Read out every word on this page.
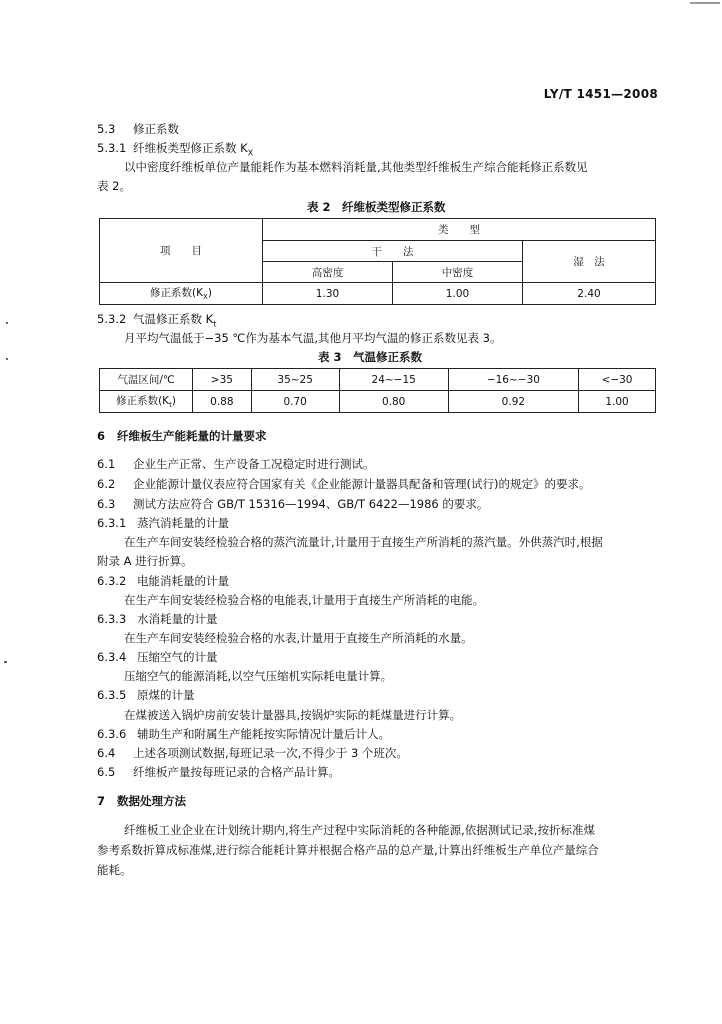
LY/T 1451—2008
5.3 修正系数
5.3.1 纤维板类型修正系数 $K_X$
以中密度纤维板单位产量能耗作为基本燃料消耗量,其他类型纤维板生产综合能耗修正系数见
表 2。
表 2　纤维板类型修正系数
项　　目	类　　型		
	干　　法		湿　法
	高密度	中密度	
修正系数$(K_X)$	1.30	1.00	2.40
5.3.2 气温修正系数 $K_t$
月平均气温低于−35 ℃作为基本气温,其他月平均气温的修正系数见表 3。
表 3　气温修正系数
气温区间/℃	>35	35~25	24~−15	−16~−30	<−30
修正系数$(K_t)$	0.88	0.70	0.80	0.92	1.00
6 纤维板生产能耗量的计量要求
6.1 企业生产正常、生产设备工况稳定时进行测试。
6.2 企业能源计量仪表应符合国家有关《企业能源计量器具配备和管理(试行)的规定》的要求。
6.3 测试方法应符合 GB/T 15316—1994、GB/T 6422—1986 的要求。
6.3.1 蒸汽消耗量的计量
在生产车间安装经检验合格的蒸汽流量计,计量用于直接生产所消耗的蒸汽量。外供蒸汽时,根据
附录 A 进行折算。
6.3.2 电能消耗量的计量
在生产车间安装经检验合格的电能表,计量用于直接生产所消耗的电能。
6.3.3 水消耗量的计量
在生产车间安装经检验合格的水表,计量用于直接生产所消耗的水量。
6.3.4 压缩空气的计量
压缩空气的能源消耗,以空气压缩机实际耗电量计算。
6.3.5 原煤的计量
在煤被送入锅炉房前安装计量器具,按锅炉实际的耗煤量进行计算。
6.3.6 辅助生产和附属生产能耗按实际情况计量后计人。
6.4 上述各项测试数据,每班记录一次,不得少于 3 个班次。
6.5 纤维板产量按每班记录的合格产品计算。
7 数据处理方法
纤维板工业企业在计划统计期内,将生产过程中实际消耗的各种能源,依据测试记录,按折标准煤
参考系数折算成标准煤,进行综合能耗计算并根据合格产品的总产量,计算出纤维板生产单位产量综合
能耗。
